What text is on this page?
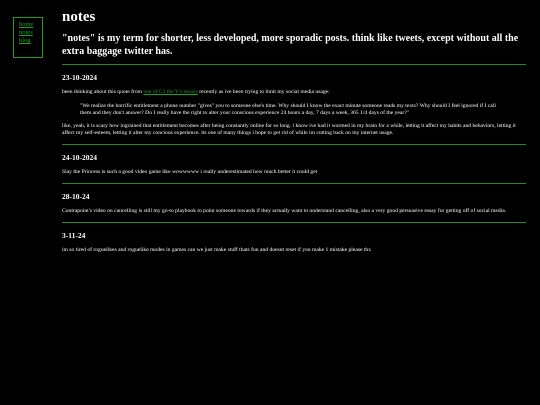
home
notes
blog
notes

"notes" is my term for shorter, less developed, more sporadic posts. think like tweets, except without all the extra baggage twitter has.

23-10-2024

been thinking about this quote from one of C3 the Y's essays recently as ive been trying to limit my social media usage:

"We realize the horrific entitlement a phone number "gives" you to someone else's time. Why should I know the exact minute someone reads my texts? Why should I feel ignored if I call them and they don't answer? Do I really have the right to alter your conscious experience 24 hours a day, 7 days a week, 365 1/4 days of the year?"

like, yeah, it is scary how ingrained that entitlement becomes after being constantly online for so long. i know ive had it wormed in my brain for a while, letting it affect my habits and behaviors, letting it affect my self-esteem, letting it alter my concious experience. its one of many things i hope to get rid of while im cutting back on my internet usage.

24-10-2024

Slay the Princess is such a good video game like wowwwww i really underestimated how much better it could get

28-10-24

Contrapoint's video on cancelling is still my go-to playbook to point someone towards if they actually want to understand cancelling, also a very good persuasive essay for getting off of social media.

3-11-24

im so tired of roguelikes and roguelike modes in games can we just make stuff thats fun and doesnt reset if you make 1 mistake please thx
